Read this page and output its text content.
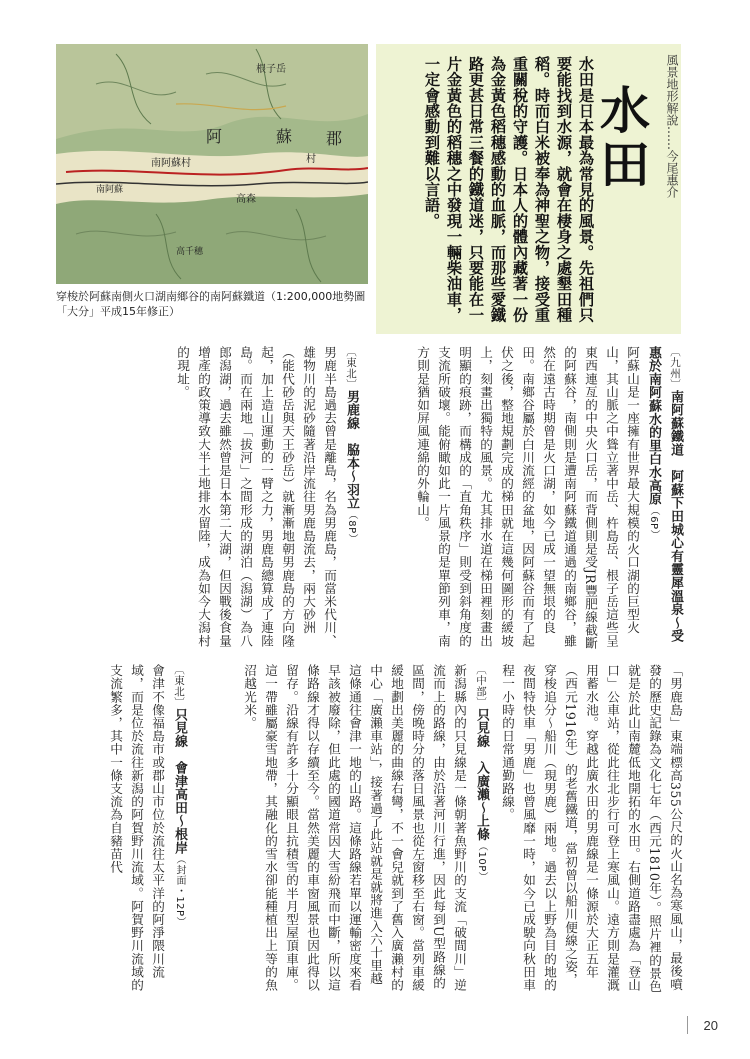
根子岳
阿	蘇 郡
南阿蘇村	村
高森
南阿蘇
高千穗
穿梭於阿蘇南側火口湖南鄉谷的南阿蘇鐵道（1:200,000地勢圖「大分」平成15年修正）
風景地形解說……今尾惠介
水田
水田是日本最為常見的風景。先祖們只要能找到水源，就會在棲身之處墾田種稻。時而白米被奉為神聖之物，接受重重關稅的守護。日本人的體內藏著一份為金黃色稻穗感動的血脈，而那些愛鐵路更甚日常三餐的鐵道迷，只要能在一片金黃色的稻穗之中發現一輛柴油車，一定會感動到難以言語。
〔九州〕南阿蘇鐵道　阿蘇下田城心有靈犀溫泉〜受惠於南阿蘇水的里白水高原（6P）
阿蘇山是一座擁有世界最大規模的火口湖的巨型火山，其山脈之中聳立著中岳、杵島岳、根子岳這些呈東西連亙的中央火口岳，而背側則是受JR豐肥線截斷的阿蘇谷，南側則是遭南阿蘇鐵道通過的南鄉谷，雖然在遠古時期曾是火口湖，如今已成一望無垠的良田。南鄉谷屬於白川流經的盆地，因阿蘇谷而有了起伏之後，整地規劃完成的梯田就在這幾何圖形的緩坡上，刻畫出獨特的風景。尤其排水道在梯田裡刻畫出明顯的痕跡，而構成的「直角秩序」則受到斜角度的支流所破壞。能俯瞰如此一片風景的是單節列車，南方則是猶如屏風連綿的外輪山。
〔東北〕男鹿線　脇本〜羽立（8P）
男鹿半島過去曾是離島，名為男鹿島，而當米代川、雄物川的泥砂隨著沿岸流往男鹿島流去，兩大砂洲（能代砂岳與天王砂岳）就漸漸地朝男鹿島的方向隆起，加上造山運動的一臂之力，男鹿島總算成了連陸島。而在兩地「拔河」之間形成的湖泊（潟湖）為八郎潟湖，過去雖然曾是日本第二大湖，但因戰後食量增產的政策導致大半土地排水留陸，成為如今大潟村的現址。
「男鹿島」東端標高355公尺的火山名為寒風山，最後噴發的歷史記錄為文化七年（西元1810年）。照片裡的景色就是於此山南麓低地開拓的水田。右側道路盡處為「登山口」公車站，從此往北步行可登上寒風山。遠方則是灌溉用蓄水池。穿越此廣水田的男鹿線是一條源於大正五年（西元1916年）的老舊鐵道，當初曾以船川便線之姿，穿梭追分〜船川（現男鹿）兩地。過去以上野為目的地的夜間特快車「男鹿」也曾風靡一時，如今已成駛向秋田車程一小時的日常通勤路線。
〔中部〕只見線　入廣瀨〜上條（10P）
新潟縣內的只見線是一條朝著魚野川的支流「破間川」逆流而上的路線，由於沿著河川行進，因此每到U型路線的區間，傍晚時分的落日風景也從左窗移至右窗。當列車緩緩地劃出美麗的曲線右彎，不一會兒就到了舊入廣瀨村的中心「廣瀨車站」，接著過了此站就是就將進入六十里越這條通往會津一地的山路。這條路線若單以運輸密度來看早該被廢除，但此處的國道常因大雪紛飛而中斷，所以這條路線才得以存續至今。當然美麗的車窗風景也因此得以留存。沿線有許多十分顯眼且抗積雪的半月型屋頂車庫。這一帶雖屬豪雪地帶，其融化的雪水卻能種植出上等的魚沼越光米。
〔東北〕只見線　會津高田〜根岸（封面・12P）
會津不像福島市或郡山市位於流往太平洋的阿淨隈川流域，而是位於流往新潟的阿賀野川流域。阿賀野川流域的支流繁多，其中一條支流為自豬苗代
20
